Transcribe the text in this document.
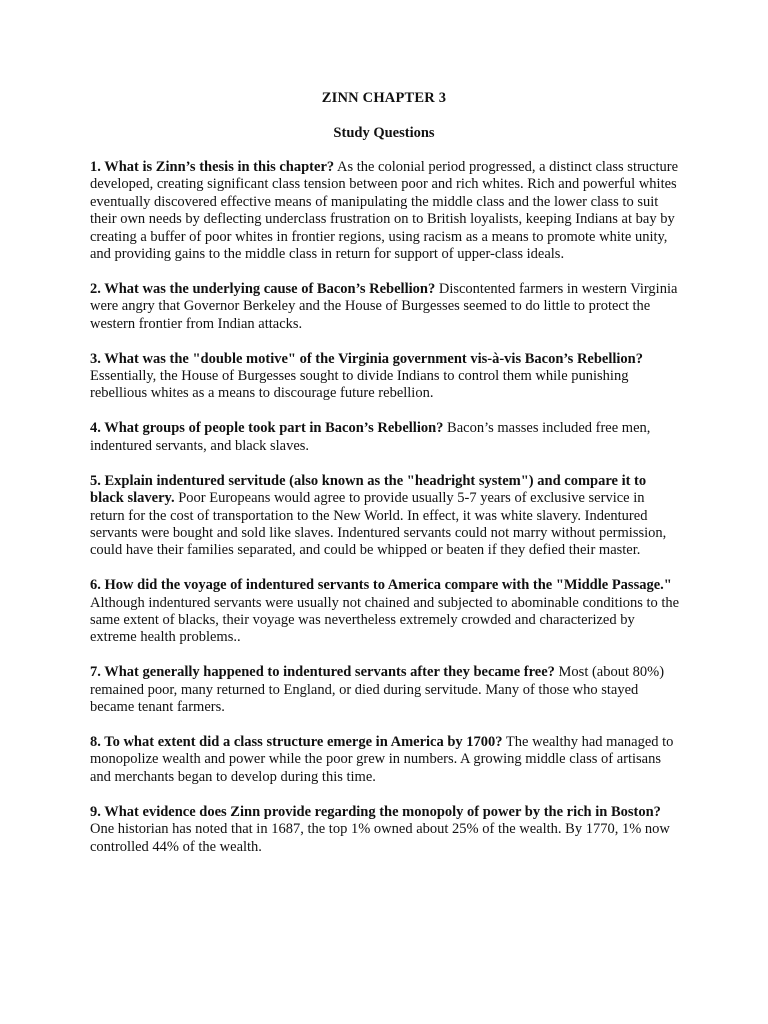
ZINN CHAPTER 3
Study Questions

1. What is Zinn’s thesis in this chapter? As the colonial period progressed, a distinct class structure developed, creating significant class tension between poor and rich whites. Rich and powerful whites eventually discovered effective means of manipulating the middle class and the lower class to suit their own needs by deflecting underclass frustration on to British loyalists, keeping Indians at bay by creating a buffer of poor whites in frontier regions, using racism as a means to promote white unity, and providing gains to the middle class in return for support of upper-class ideals.

2. What was the underlying cause of Bacon’s Rebellion? Discontented farmers in western Virginia were angry that Governor Berkeley and the House of Burgesses seemed to do little to protect the western frontier from Indian attacks.

3. What was the "double motive" of the Virginia government vis-à-vis Bacon’s Rebellion? Essentially, the House of Burgesses sought to divide Indians to control them while punishing rebellious whites as a means to discourage future rebellion.

4. What groups of people took part in Bacon’s Rebellion? Bacon’s masses included free men, indentured servants, and black slaves.

5. Explain indentured servitude (also known as the "headright system") and compare it to black slavery. Poor Europeans would agree to provide usually 5-7 years of exclusive service in return for the cost of transportation to the New World. In effect, it was white slavery. Indentured servants were bought and sold like slaves. Indentured servants could not marry without permission, could have their families separated, and could be whipped or beaten if they defied their master.

6. How did the voyage of indentured servants to America compare with the "Middle Passage." Although indentured servants were usually not chained and subjected to abominable conditions to the same extent of blacks, their voyage was nevertheless extremely crowded and characterized by extreme health problems..

7. What generally happened to indentured servants after they became free? Most (about 80%) remained poor, many returned to England, or died during servitude. Many of those who stayed became tenant farmers.

8. To what extent did a class structure emerge in America by 1700? The wealthy had managed to monopolize wealth and power while the poor grew in numbers. A growing middle class of artisans and merchants began to develop during this time.

9. What evidence does Zinn provide regarding the monopoly of power by the rich in Boston? One historian has noted that in 1687, the top 1% owned about 25% of the wealth. By 1770, 1% now controlled 44% of the wealth.
